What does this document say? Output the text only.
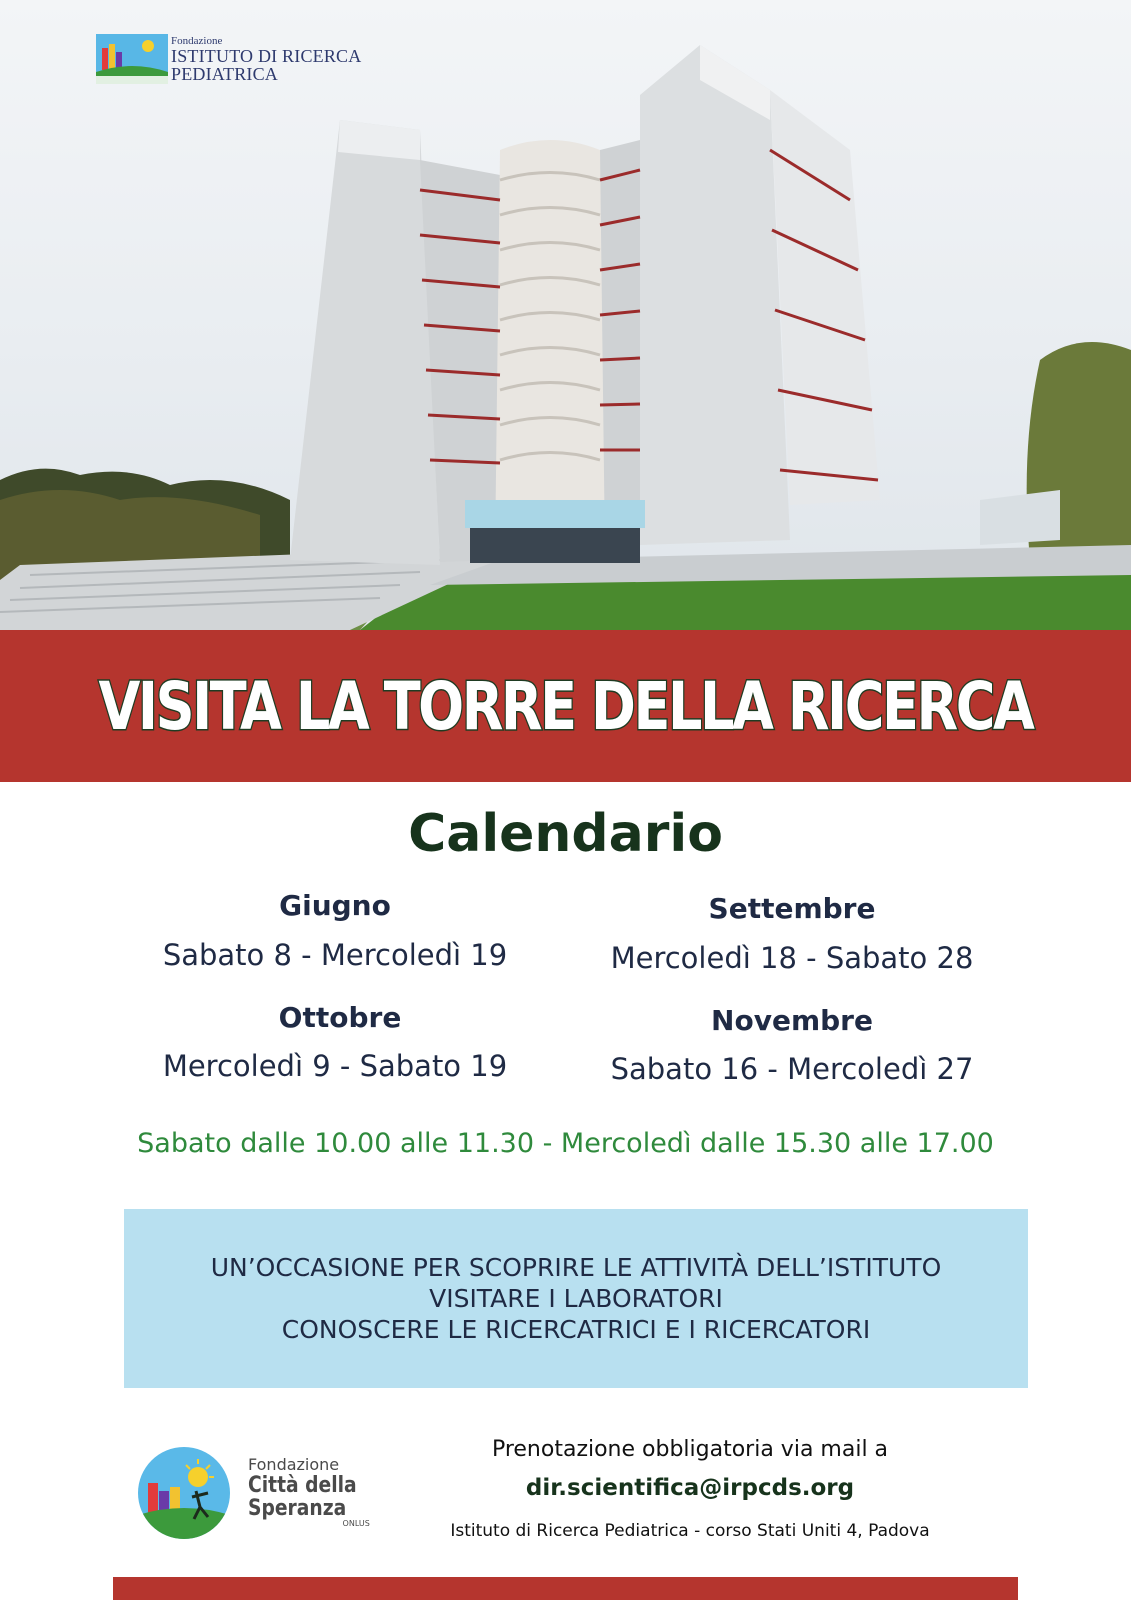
Fondazione
ISTITUTO DI RICERCA
PEDIATRICA
VISITA LA TORRE DELLA RICERCA
Calendario
Giugno
Sabato 8 - Mercoledì 19
Settembre
Mercoledì 18 - Sabato 28
Ottobre
Mercoledì 9 - Sabato 19
Novembre
Sabato 16 - Mercoledì 27
Sabato dalle 10.00 alle 11.30 - Mercoledì dalle 15.30 alle 17.00
UN’OCCASIONE PER SCOPRIRE LE ATTIVITÀ DELL’ISTITUTO
VISITARE I LABORATORI
CONOSCERE LE RICERCATRICI E I RICERCATORI
Fondazione
Città della
Speranza
ONLUS
Prenotazione obbligatoria via mail a
dir.scientifica@irpcds.org
Istituto di Ricerca Pediatrica - corso Stati Uniti 4, Padova
